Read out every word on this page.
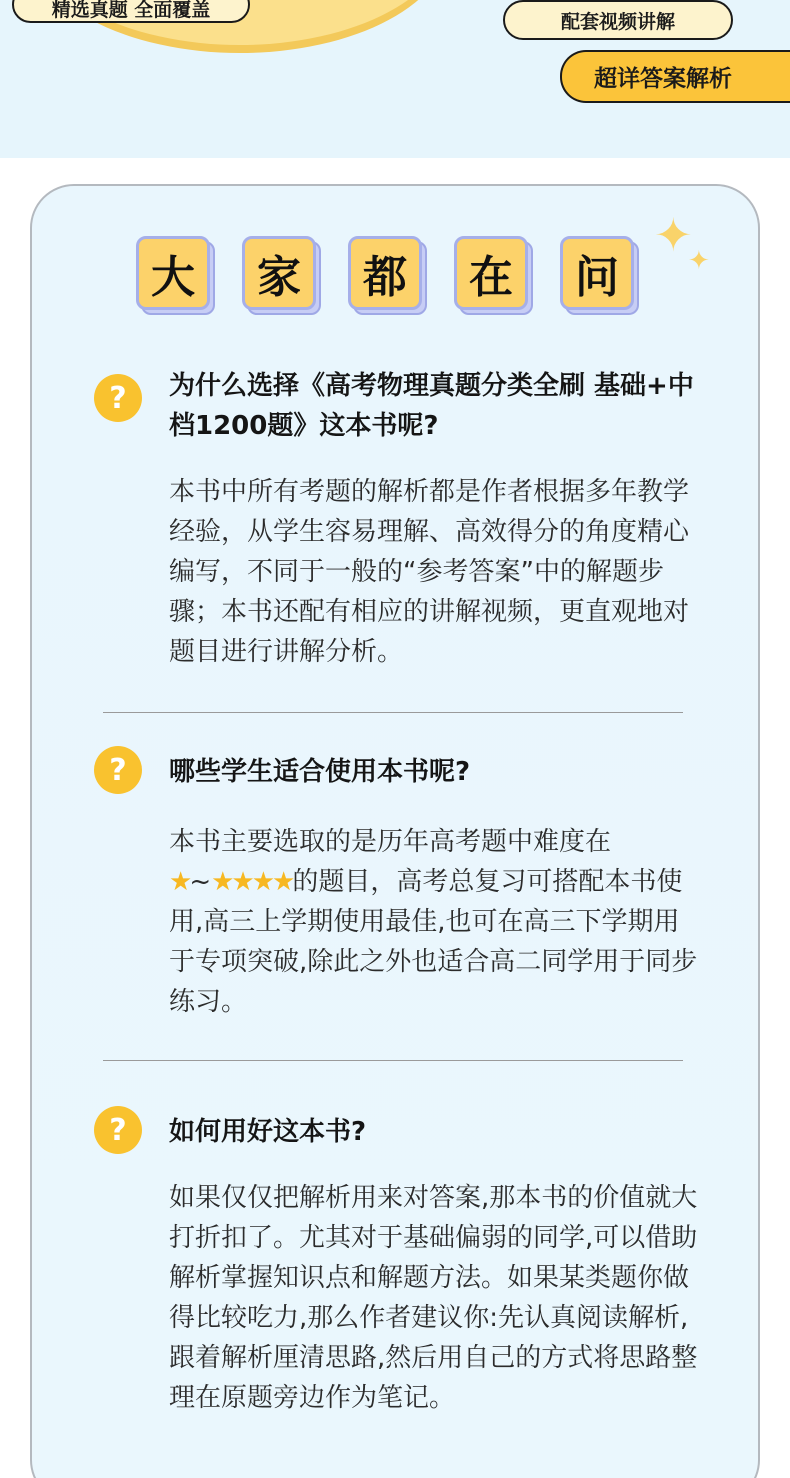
精选真题 全面覆盖
配套视频讲解
超详答案解析
大	家	都	在	问
✦
✦
?	为什么选择《高考物理真题分类全刷 基础+中档1200题》这本书呢?
本书中所有考题的解析都是作者根据多年教学经验，从学生容易理解、高效得分的角度精心编写，不同于一般的“参考答案”中的解题步骤；本书还配有相应的讲解视频，更直观地对题目进行讲解分析。
?	哪些学生适合使用本书呢?
本书主要选取的是历年高考题中难度在★~★★★★的题目，高考总复习可搭配本书使用,高三上学期使用最佳,也可在高三下学期用于专项突破,除此之外也适合高二同学用于同步练习。
?	如何用好这本书?
如果仅仅把解析用来对答案,那本书的价值就大打折扣了。尤其对于基础偏弱的同学,可以借助解析掌握知识点和解题方法。如果某类题你做得比较吃力,那么作者建议你:先认真阅读解析,跟着解析厘清思路,然后用自己的方式将思路整理在原题旁边作为笔记。
